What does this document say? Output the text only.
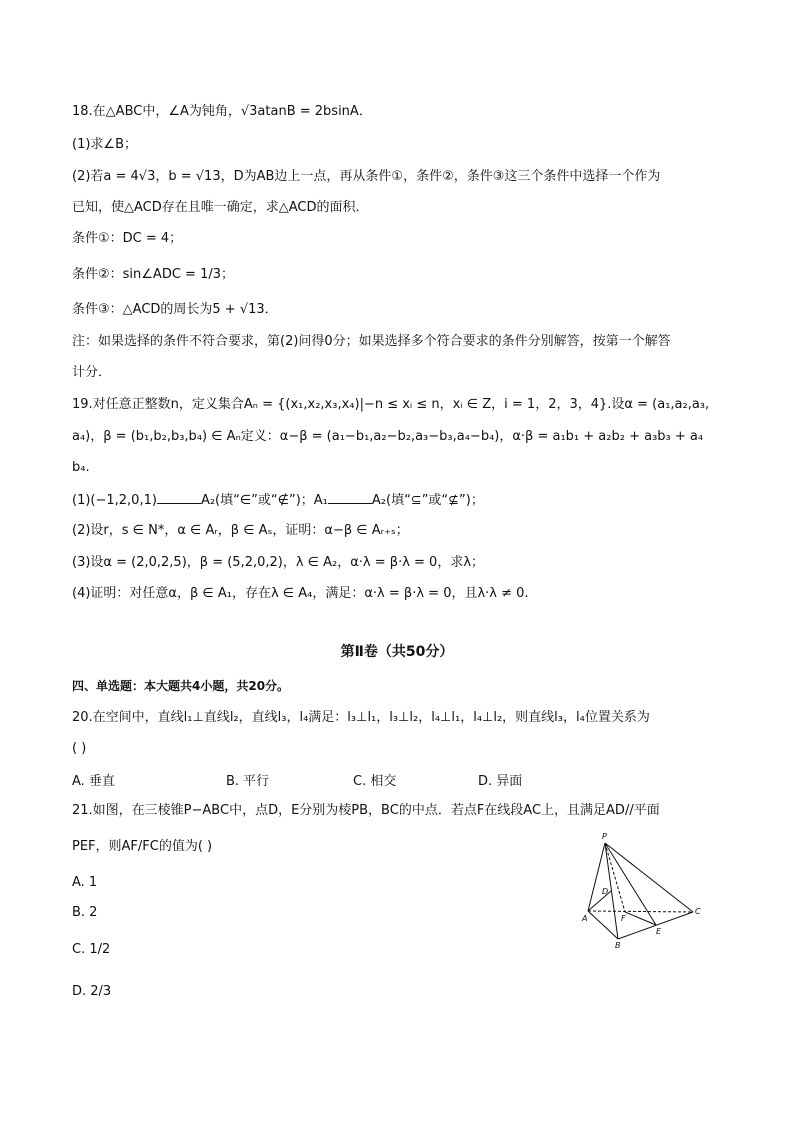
18.在△ABC中，∠A为钝角，√3atanB = 2bsinA．
(1)求∠B；
(2)若a = 4√3，b = √13，D为AB边上一点，再从条件①，条件②，条件③这三个条件中选择一个作为
已知，使△ACD存在且唯一确定，求△ACD的面积．
条件①：DC = 4；
条件②：sin∠ADC = 1/3；
条件③：△ACD的周长为5 + √13．
注：如果选择的条件不符合要求，第(2)问得0分；如果选择多个符合要求的条件分别解答，按第一个解答
计分．
19.对任意正整数n，定义集合Aₙ = {(x₁,x₂,x₃,x₄)|−n ≤ xᵢ ≤ n，xᵢ ∈ Z，i = 1，2，3，4}.设α = (a₁,a₂,a₃,
a₄)，β = (b₁,b₂,b₃,b₄) ∈ Aₙ定义：α−β = (a₁−b₁,a₂−b₂,a₃−b₃,a₄−b₄)，α·β = a₁b₁ + a₂b₂ + a₃b₃ + a₄
b₄.
(1)(−1,2,0,1)	A₂(填“∈”或“∉”)；A₁	A₂(填“⊆”或“⊈”)；
(2)设r，s ∈ N*，α ∈ Aᵣ，β ∈ Aₛ，证明：α−β ∈ Aᵣ₊ₛ；
(3)设α = (2,0,2,5)，β = (5,2,0,2)，λ ∈ A₂，α·λ = β·λ = 0，求λ；
(4)证明：对任意α，β ∈ A₁，存在λ ∈ A₄，满足：α·λ = β·λ = 0，且λ·λ ≠ 0.
第Ⅱ卷（共50分）
四、单选题：本大题共4小题，共20分。
20.在空间中，直线l₁⊥直线l₂，直线l₃，l₄满足：l₃⊥l₁，l₃⊥l₂，l₄⊥l₁，l₄⊥l₂，则直线l₃，l₄位置关系为
( )
A. 垂直	B. 平行	C. 相交	D. 异面
21.如图，在三棱锥P−ABC中，点D，E分别为棱PB，BC的中点．若点F在线段AC上，且满足AD//平面
PEF，则AF/FC的值为( )
A. 1
B. 2
C. 1/2
D. 2/3
P
D
A	F
E
B
C
